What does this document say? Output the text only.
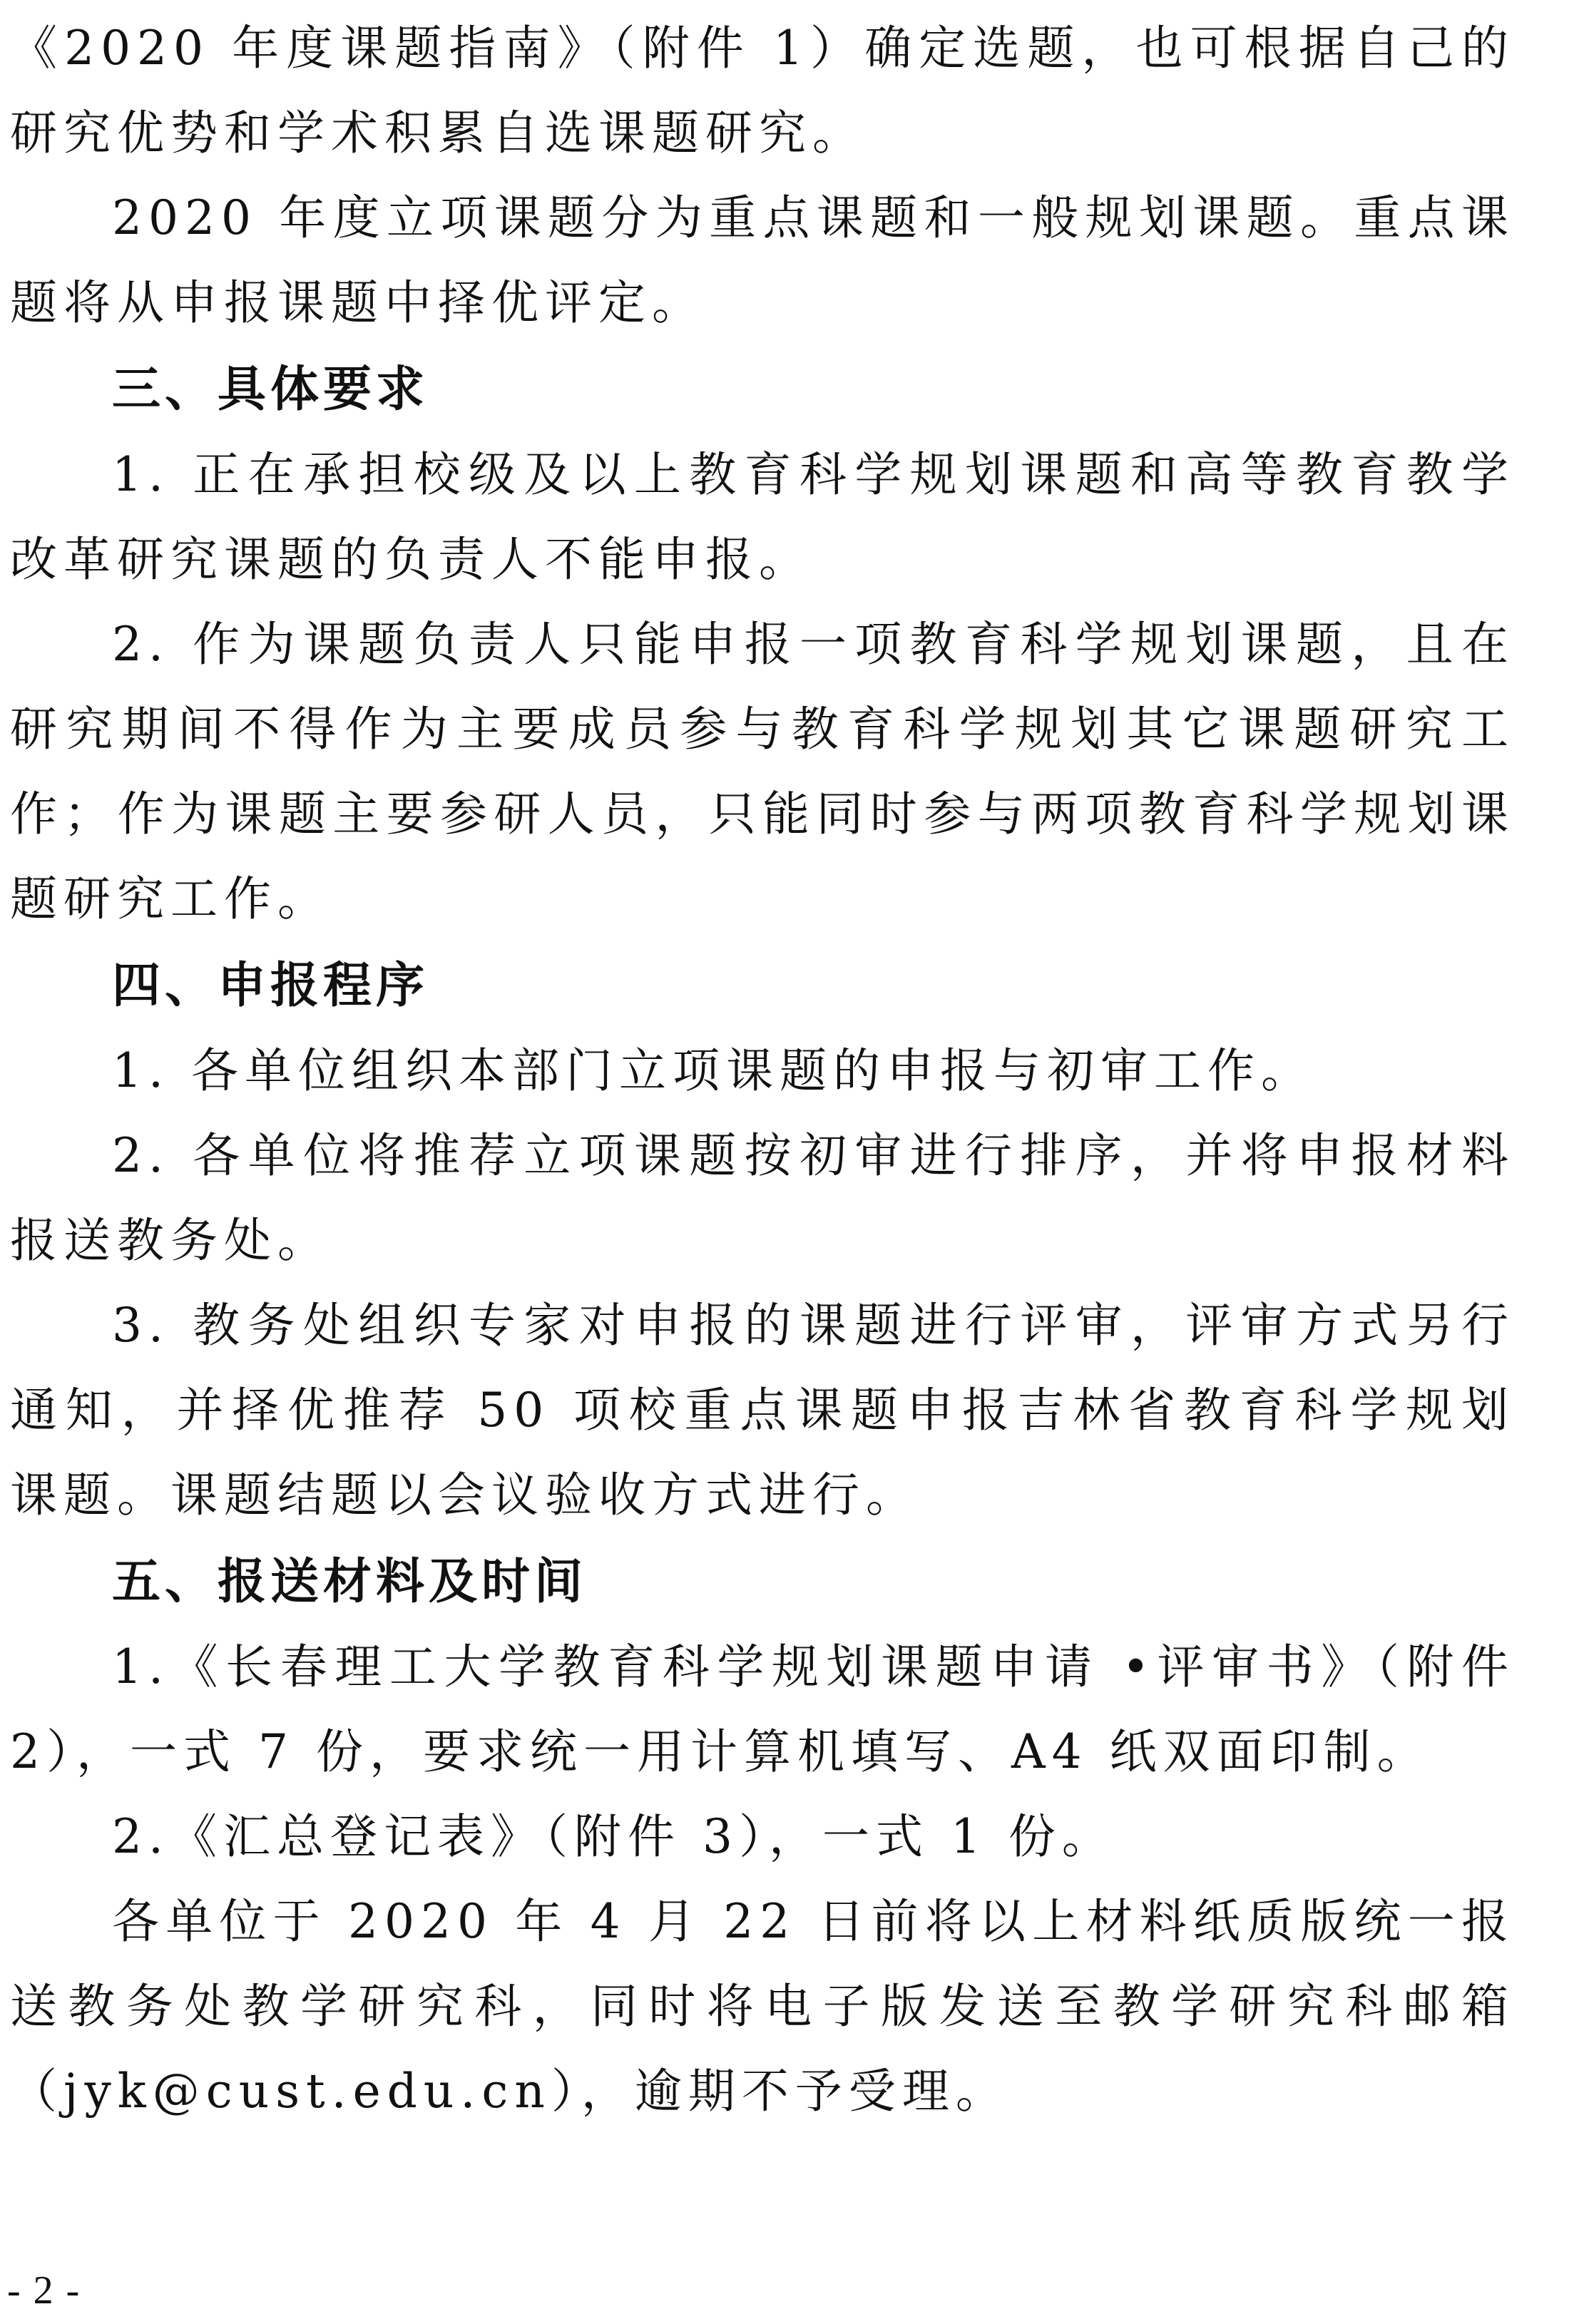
《2020 年度课题指南》（附件 1）确定选题，也可根据自己的研究优势和学术积累自选课题研究。

2020 年度立项课题分为重点课题和一般规划课题。重点课题将从申报课题中择优评定。

三、具体要求

1. 正在承担校级及以上教育科学规划课题和高等教育教学改革研究课题的负责人不能申报。

2. 作为课题负责人只能申报一项教育科学规划课题，且在研究期间不得作为主要成员参与教育科学规划其它课题研究工作；作为课题主要参研人员，只能同时参与两项教育科学规划课题研究工作。

四、申报程序

1. 各单位组织本部门立项课题的申报与初审工作。

2. 各单位将推荐立项课题按初审进行排序，并将申报材料报送教务处。

3. 教务处组织专家对申报的课题进行评审，评审方式另行通知，并择优推荐 50 项校重点课题申报吉林省教育科学规划课题。课题结题以会议验收方式进行。

五、报送材料及时间

1.《长春理工大学教育科学规划课题申请 •评审书》（附件 2），一式 7 份，要求统一用计算机填写、A4 纸双面印制。

2.《汇总登记表》（附件 3），一式 1 份。

各单位于 2020 年 4 月 22 日前将以上材料纸质版统一报送教务处教学研究科，同时将电子版发送至教学研究科邮箱（jyk@cust.edu.cn），逾期不予受理。

- 2 -
